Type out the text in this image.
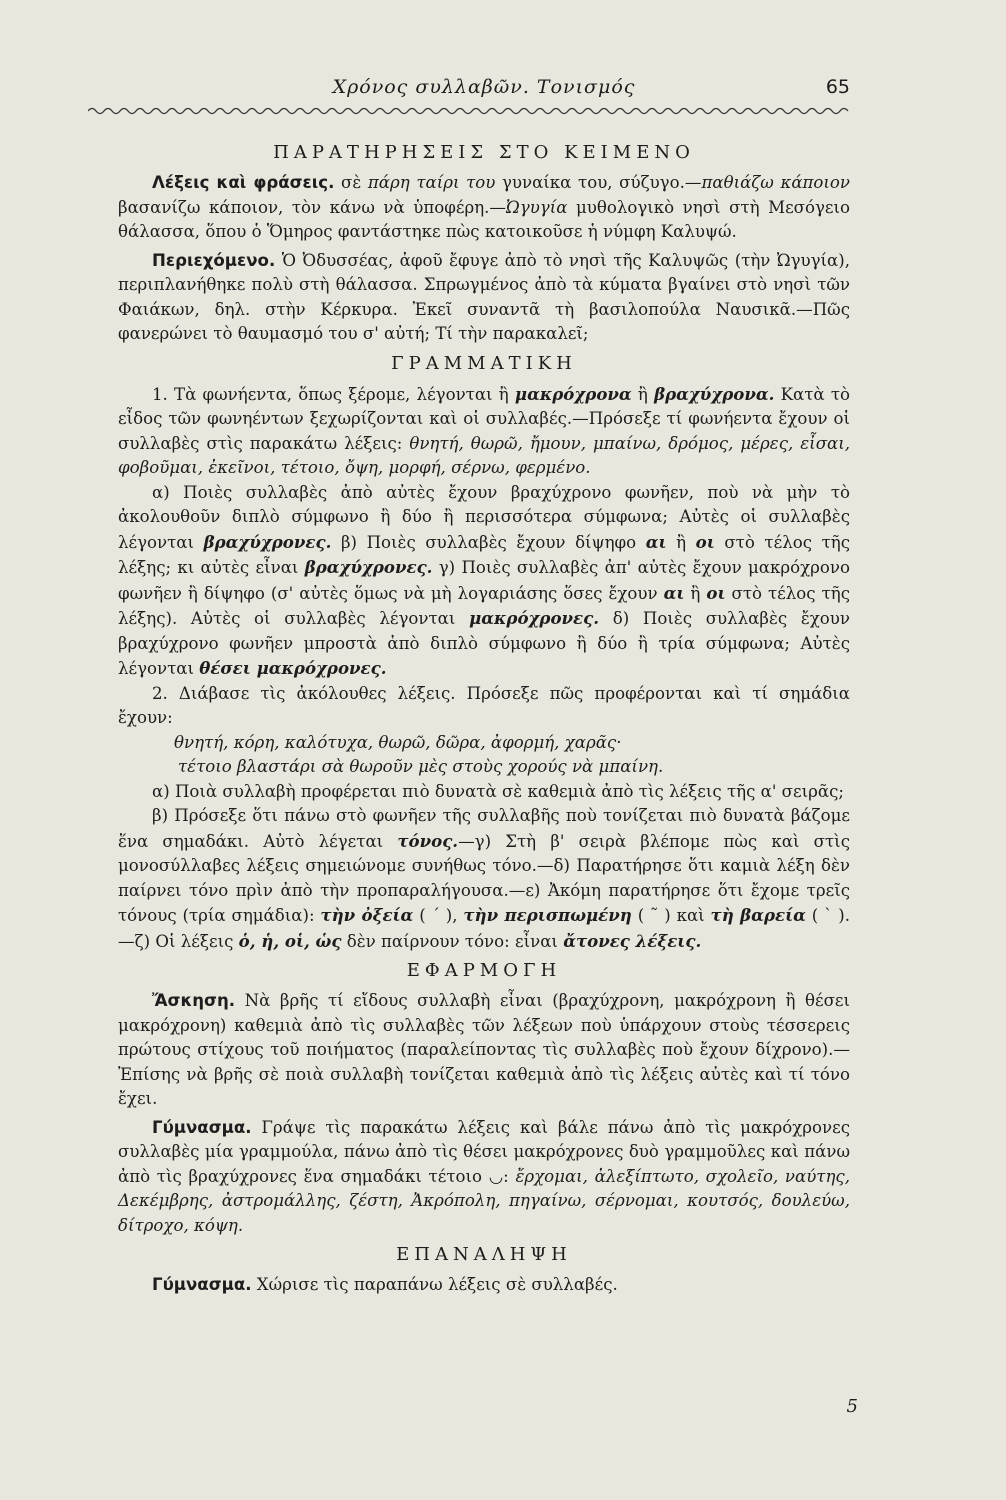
Χρόνος συλλαβῶν. Τονισμός	65
ΠΑΡΑΤΗΡΗΣΕΙΣ ΣΤΟ ΚΕΙΜΕΝΟ

Λέξεις καὶ φράσεις. σὲ πάρη ταίρι του γυναίκα του, σύζυγο.—παθιάζω κάποιον βασανίζω κάποιον, τὸν κάνω νὰ ὑποφέρη.—Ὠγυγία μυθολογικὸ νησὶ στὴ Μεσόγειο θάλασσα, ὅπου ὁ Ὅμηρος φαντάστηκε πὼς κατοικοῦσε ἡ νύμφη Καλυψώ.

Περιεχόμενο. Ὁ Ὀδυσσέας, ἀφοῦ ἔφυγε ἀπὸ τὸ νησὶ τῆς Καλυψῶς (τὴν Ὠγυγία), περιπλανήθηκε πολὺ στὴ θάλασσα. Σπρωγμένος ἀπὸ τὰ κύματα βγαίνει στὸ νησὶ τῶν Φαιάκων, δηλ. στὴν Κέρκυρα. Ἐκεῖ συναντᾶ τὴ βασιλοπούλα Ναυσικᾶ.—Πῶς φανερώνει τὸ θαυμασμό του σ' αὐτή; Τί τὴν παρακαλεῖ;

ΓΡΑΜΜΑΤΙΚΗ

1. Τὰ φωνήεντα, ὅπως ξέρομε, λέγονται ἢ μακρόχρονα ἢ βραχύχρονα. Κατὰ τὸ εἶδος τῶν φωνηέντων ξεχωρίζονται καὶ οἱ συλλαβές.—Πρόσεξε τί φωνήεντα ἔχουν οἱ συλλαβὲς στὶς παρακάτω λέξεις: θνητή, θωρῶ, ἤμουν, μπαίνω, δρόμος, μέρες, εἶσαι, φοβοῦμαι, ἐκεῖνοι, τέτοιο, ὄψη, μορφή, σέρνω, φερμένο.

α) Ποιὲς συλλαβὲς ἀπὸ αὐτὲς ἔχουν βραχύχρονο φωνῆεν, ποὺ νὰ μὴν τὸ ἀκολουθοῦν διπλὸ σύμφωνο ἢ δύο ἢ περισσότερα σύμφωνα; Αὐτὲς οἱ συλλαβὲς λέγονται βραχύχρονες. β) Ποιὲς συλλαβὲς ἔχουν δίψηφο αι ἢ οι στὸ τέλος τῆς λέξης; κι αὐτὲς εἶναι βραχύχρονες. γ) Ποιὲς συλλαβὲς ἀπ' αὐτὲς ἔχουν μακρόχρονο φωνῆεν ἢ δίψηφο (σ' αὐτὲς ὅμως νὰ μὴ λογαριάσης ὅσες ἔχουν αι ἢ οι στὸ τέλος τῆς λέξης). Αὐτὲς οἱ συλλαβὲς λέγονται μακρόχρονες. δ) Ποιὲς συλλαβὲς ἔχουν βραχύχρονο φωνῆεν μπροστὰ ἀπὸ διπλὸ σύμφωνο ἢ δύο ἢ τρία σύμφωνα; Αὐτὲς λέγονται θέσει μακρόχρονες.

2. Διάβασε τὶς ἀκόλουθες λέξεις. Πρόσεξε πῶς προφέρονται καὶ τί σημάδια ἔχουν:

θνητή, κόρη, καλότυχα, θωρῶ, δῶρα, ἀφορμή, χαρᾶς·
τέτοιο βλαστάρι σὰ θωροῦν μὲς στοὺς χορούς νὰ μπαίνη.

α) Ποιὰ συλλαβὴ προφέρεται πιὸ δυνατὰ σὲ καθεμιὰ ἀπὸ τὶς λέξεις τῆς α' σειρᾶς;

β) Πρόσεξε ὅτι πάνω στὸ φωνῆεν τῆς συλλαβῆς ποὺ τονίζεται πιὸ δυνατὰ βάζομε ἕνα σημαδάκι. Αὐτὸ λέγεται τόνος.—γ) Στὴ β' σειρὰ βλέπομε πὼς καὶ στὶς μονοσύλλαβες λέξεις σημειώνομε συνήθως τόνο.—δ) Παρατήρησε ὅτι καμιὰ λέξη δὲν παίρνει τόνο πρὶν ἀπὸ τὴν προπαραλήγουσα.—ε) Ἀκόμη παρατήρησε ὅτι ἔχομε τρεῖς τόνους (τρία σημάδια): τὴν ὀξεία ( ´ ), τὴν περισπωμένη ( ῀ ) καὶ τὴ βαρεία ( ` ).—ζ) Οἱ λέξεις ὁ, ἡ, οἱ, ὡς δὲν παίρνουν τόνο: εἶναι ἄτονες λέξεις.

ΕΦΑΡΜΟΓΗ

Ἄσκηση. Νὰ βρῆς τί εἴδους συλλαβὴ εἶναι (βραχύχρονη, μακρόχρονη ἢ θέσει μακρόχρονη) καθεμιὰ ἀπὸ τὶς συλλαβὲς τῶν λέξεων ποὺ ὑπάρχουν στοὺς τέσσερεις πρώτους στίχους τοῦ ποιήματος (παραλείποντας τὶς συλλαβὲς ποὺ ἔχουν δίχρονο).—Ἐπίσης νὰ βρῆς σὲ ποιὰ συλλαβὴ τονίζεται καθεμιὰ ἀπὸ τὶς λέξεις αὐτὲς καὶ τί τόνο ἔχει.

Γύμνασμα. Γράψε τὶς παρακάτω λέξεις καὶ βάλε πάνω ἀπὸ τὶς μακρόχρονες συλλαβὲς μία γραμμούλα, πάνω ἀπὸ τὶς θέσει μακρόχρονες δυὸ γραμμοῦλες καὶ πάνω ἀπὸ τὶς βραχύχρονες ἕνα σημαδάκι τέτοιο ◡: ἔρχομαι, ἀλεξίπτωτο, σχολεῖο, ναύτης, Δεκέμβρης, ἀστρομάλλης, ζέστη, Ἀκρόπολη, πηγαίνω, σέρνομαι, κουτσός, δουλεύω, δίτροχο, κόψη.

ΕΠΑΝΑΛΗΨΗ

Γύμνασμα. Χώρισε τὶς παραπάνω λέξεις σὲ συλλαβές.

5
